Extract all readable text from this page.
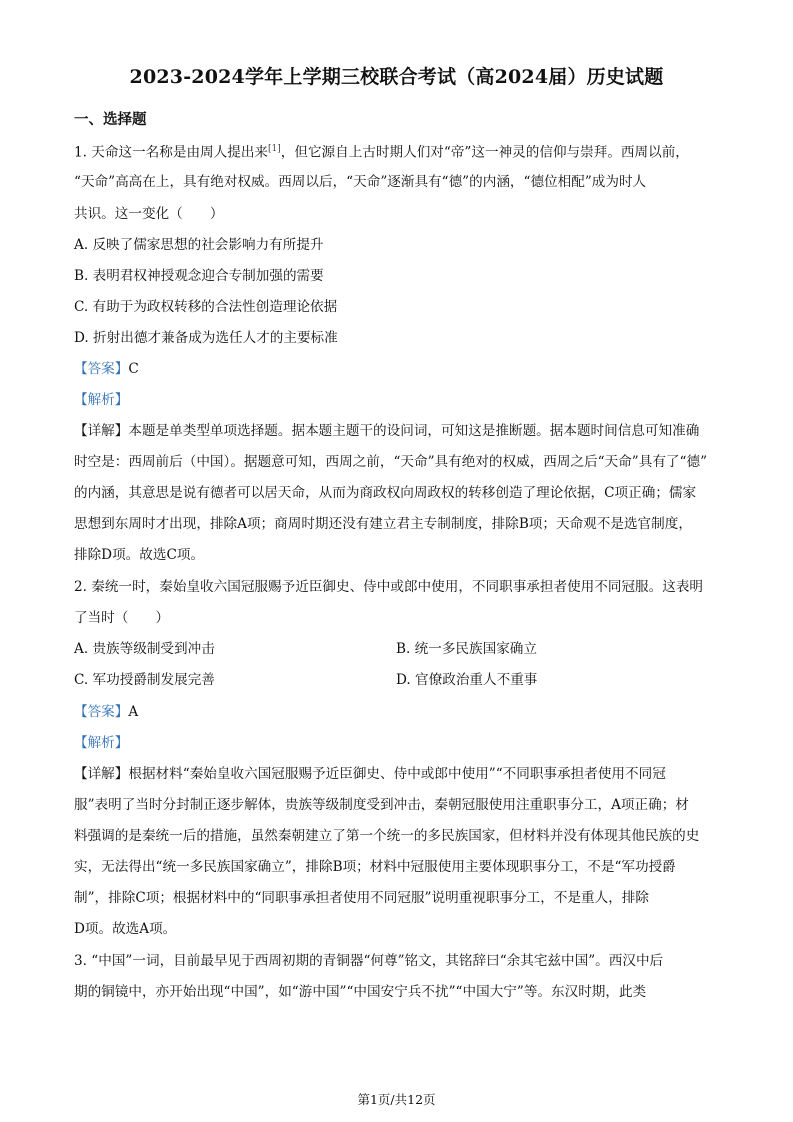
2023-2024学年上学期三校联合考试（高2024届）历史试题
一、选择题
1. 天命这一名称是由周人提出来[1]，但它源自上古时期人们对“帝”这一神灵的信仰与崇拜。西周以前，
“天命”高高在上，具有绝对权威。西周以后，“天命”逐渐具有“德”的内涵，“德位相配”成为时人
共识。这一变化（　　）
A. 反映了儒家思想的社会影响力有所提升
B. 表明君权神授观念迎合专制加强的需要
C. 有助于为政权转移的合法性创造理论依据
D. 折射出德才兼备成为选任人才的主要标准
【答案】C
【解析】
【详解】本题是单类型单项选择题。据本题主题干的设问词，可知这是推断题。据本题时间信息可知准确
时空是：西周前后（中国）。据题意可知，西周之前，“天命”具有绝对的权威，西周之后“天命”具有了“德”
的内涵，其意思是说有德者可以居天命，从而为商政权向周政权的转移创造了理论依据，C项正确；儒家
思想到东周时才出现，排除A项；商周时期还没有建立君主专制制度，排除B项；天命观不是选官制度，
排除D项。故选C项。
2. 秦统一时，秦始皇收六国冠服赐予近臣御史、侍中或郎中使用，不同职事承担者使用不同冠服。这表明
了当时（　　）
A. 贵族等级制受到冲击	B. 统一多民族国家确立
C. 军功授爵制发展完善	D. 官僚政治重人不重事
【答案】A
【解析】
【详解】根据材料“秦始皇收六国冠服赐予近臣御史、侍中或郎中使用”“不同职事承担者使用不同冠
服”表明了当时分封制正逐步解体，贵族等级制度受到冲击，秦朝冠服使用注重职事分工，A项正确；材
料强调的是秦统一后的措施，虽然秦朝建立了第一个统一的多民族国家，但材料并没有体现其他民族的史
实，无法得出“统一多民族国家确立”，排除B项；材料中冠服使用主要体现职事分工，不是“军功授爵
制”，排除C项；根据材料中的“同职事承担者使用不同冠服”说明重视职事分工，不是重人，排除
D项。故选A项。
3. “中国”一词，目前最早见于西周初期的青铜器“何尊”铭文，其铭辞曰“余其宅兹中国”。西汉中后
期的铜镜中，亦开始出现“中国”，如“游中国”“中国安宁兵不扰”“中国大宁”等。东汉时期，此类
第1页/共12页
